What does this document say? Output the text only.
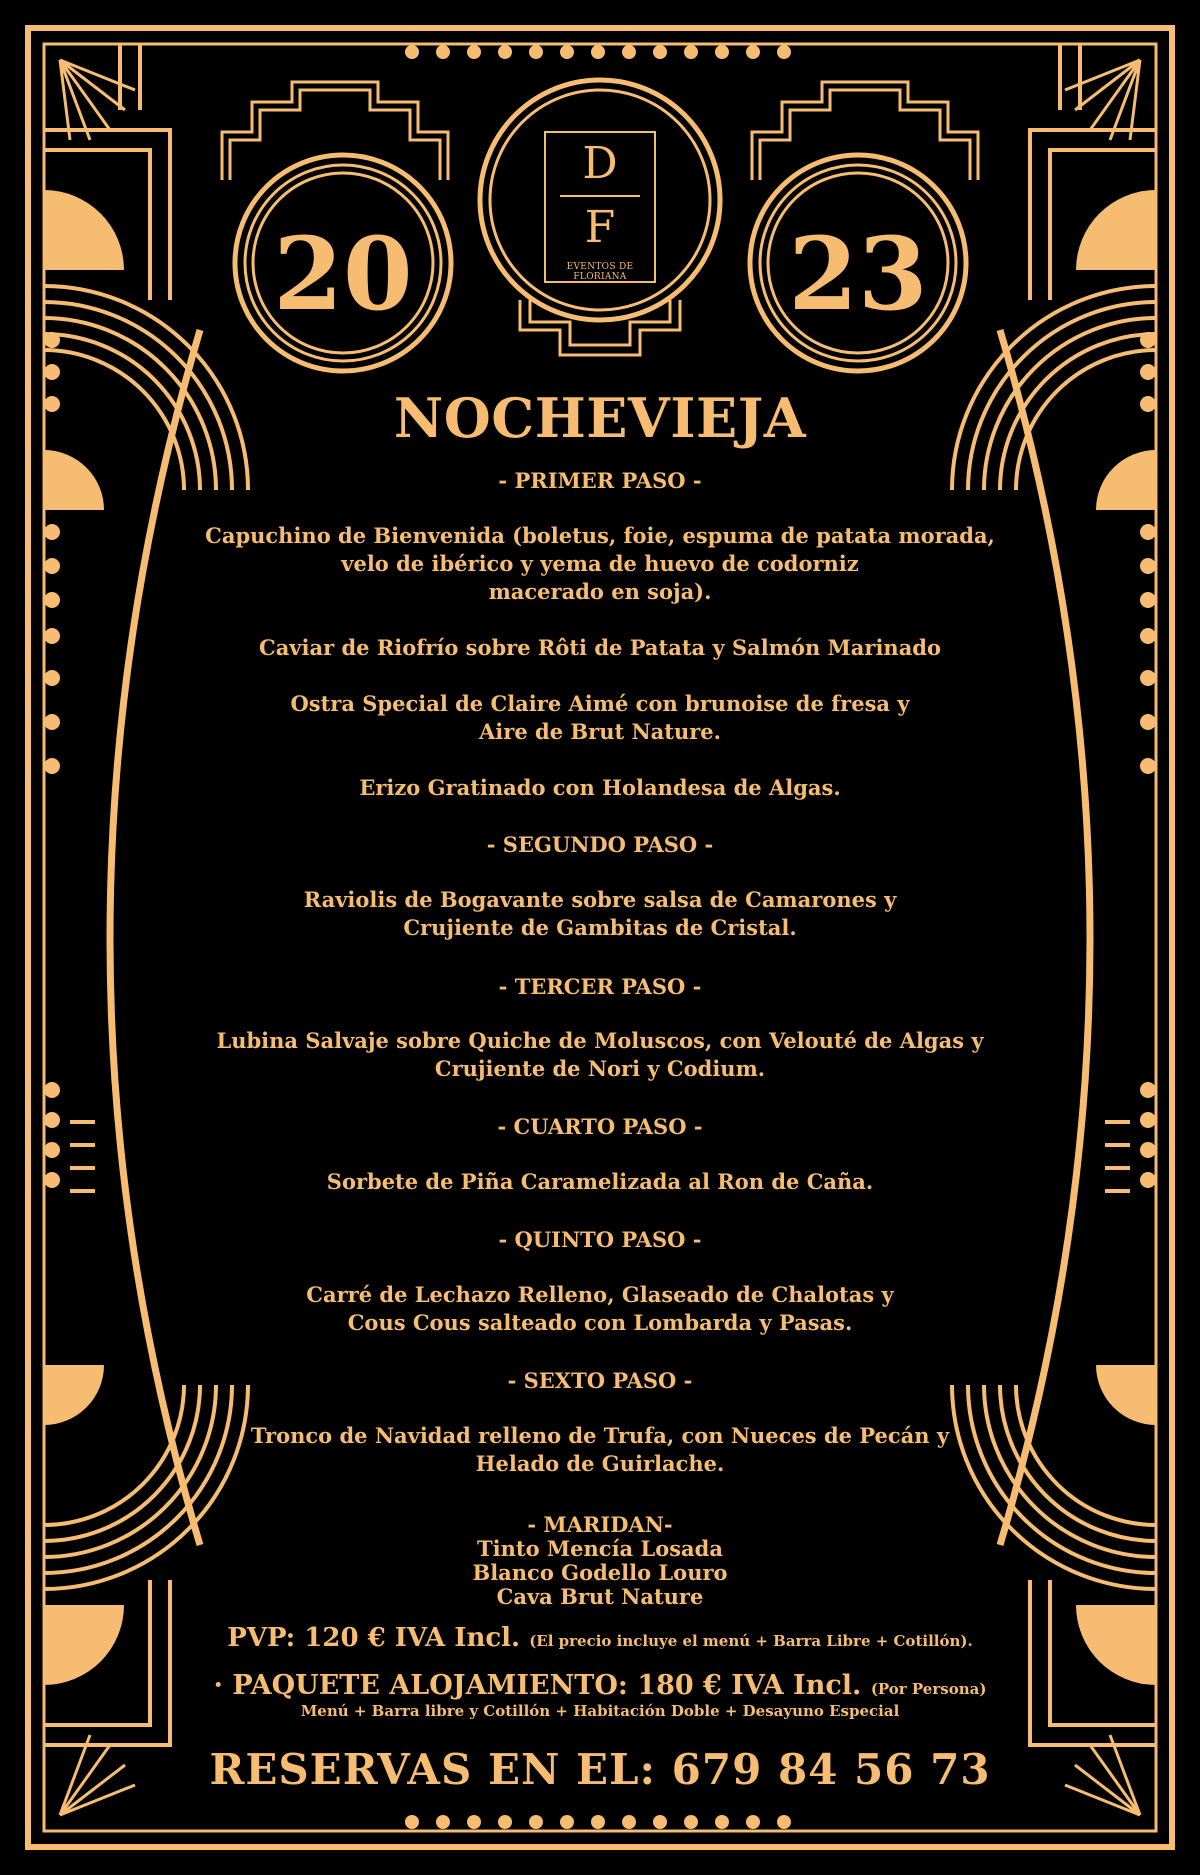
20	23
D
F
EVENTOS DE FLORIANA
NOCHEVIEJA
- PRIMER PASO -
Capuchino de Bienvenida (boletus, foie, espuma de patata morada,
velo de ibérico y yema de huevo de codorniz
macerado en soja).
Caviar de Riofrío sobre Rôti de Patata y Salmón Marinado
Ostra Special de Claire Aimé con brunoise de fresa y
Aire de Brut Nature.
Erizo Gratinado con Holandesa de Algas.
- SEGUNDO PASO -
Raviolis de Bogavante sobre salsa de Camarones y
Crujiente de Gambitas de Cristal.
- TERCER PASO -
Lubina Salvaje sobre Quiche de Moluscos, con Velouté de Algas y
Crujiente de Nori y Codium.
- CUARTO PASO -
Sorbete de Piña Caramelizada al Ron de Caña.
- QUINTO PASO -
Carré de Lechazo Relleno, Glaseado de Chalotas y
Cous Cous salteado con Lombarda y Pasas.
- SEXTO PASO -
Tronco de Navidad relleno de Trufa, con Nueces de Pecán y
Helado de Guirlache.
- MARIDAN-
Tinto Mencía Losada
Blanco Godello Louro
Cava Brut Nature
PVP: 120 € IVA Incl. (El precio incluye el menú + Barra Libre + Cotillón).
· PAQUETE ALOJAMIENTO: 180 € IVA Incl. (Por Persona)
Menú + Barra libre y Cotillón + Habitación Doble + Desayuno Especial
RESERVAS EN EL: 679 84 56 73
